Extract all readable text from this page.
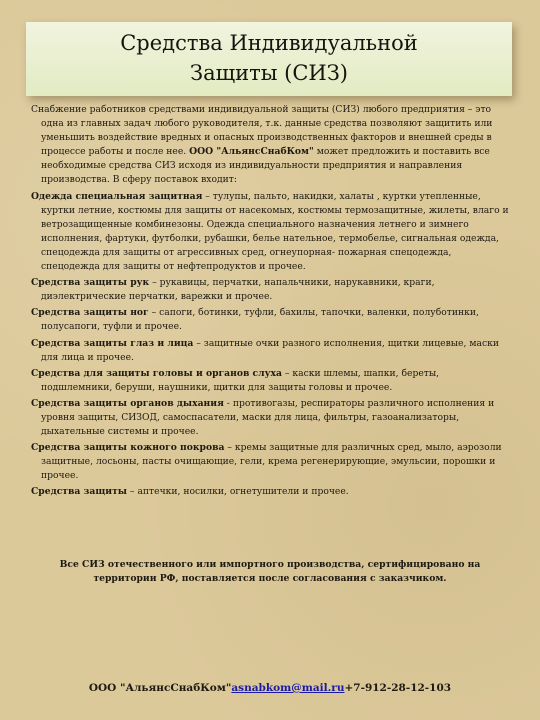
Средства Индивидуальной
Защиты (СИЗ)

Снабжение работников средствами индивидуальной защиты (СИЗ) любого предприятия – это одна из главных задач любого руководителя, т.к. данные средства позволяют защитить или уменьшить воздействие вредных и опасных производственных факторов и внешней среды в процессе работы и после нее. ООО "АльянсСнабКом" может предложить и поставить все необходимые средства СИЗ исходя из индивидуальности предприятия и направления производства. В сферу поставок входит:

Одежда специальная защитная – тулупы, пальто, накидки, халаты , куртки утепленные, куртки летние, костюмы для защиты от насекомых, костюмы термозащитные, жилеты, влаго и ветрозащищенные комбинезоны. Одежда специального назначения летнего и зимнего исполнения, фартуки, футболки, рубашки, белье нательное, термобелье, сигнальная одежда, спецодежда для защиты от агрессивных сред, огнеупорная- пожарная спецодежда, спецодежда для защиты от нефтепродуктов и прочее.

Средства защиты рук – рукавицы, перчатки, напальчники, нарукавники, краги, диэлектрические перчатки, варежки и прочее.

Средства защиты ног – сапоги, ботинки, туфли, бахилы, тапочки, валенки, полуботинки, полусапоги, туфли и прочее.

Средства защиты глаз и лица – защитные очки разного исполнения, щитки лицевые, маски для лица и прочее.

Средства для защиты головы и органов слуха – каски шлемы, шапки, береты, подшлемники, беруши, наушники, щитки для защиты головы и прочее.

Средства защиты органов дыхания - противогазы, респираторы различного исполнения и уровня защиты, СИЗОД, самоспасатели, маски для лица, фильтры, газоанализаторы, дыхательные системы и прочее.

Средства защиты кожного покрова – кремы защитные для различных сред, мыло, аэрозоли защитные, лосьоны, пасты очищающие, гели, крема регенерирующие, эмульсии, порошки и прочее.

Средства защиты – аптечки, носилки, огнетушители и прочее.

Все СИЗ отечественного или импортного производства, сертифицировано на территории РФ, поставляется после согласования с заказчиком.
ООО "АльянсСнабКом"asnabkom@mail.ru+7-912-28-12-103
